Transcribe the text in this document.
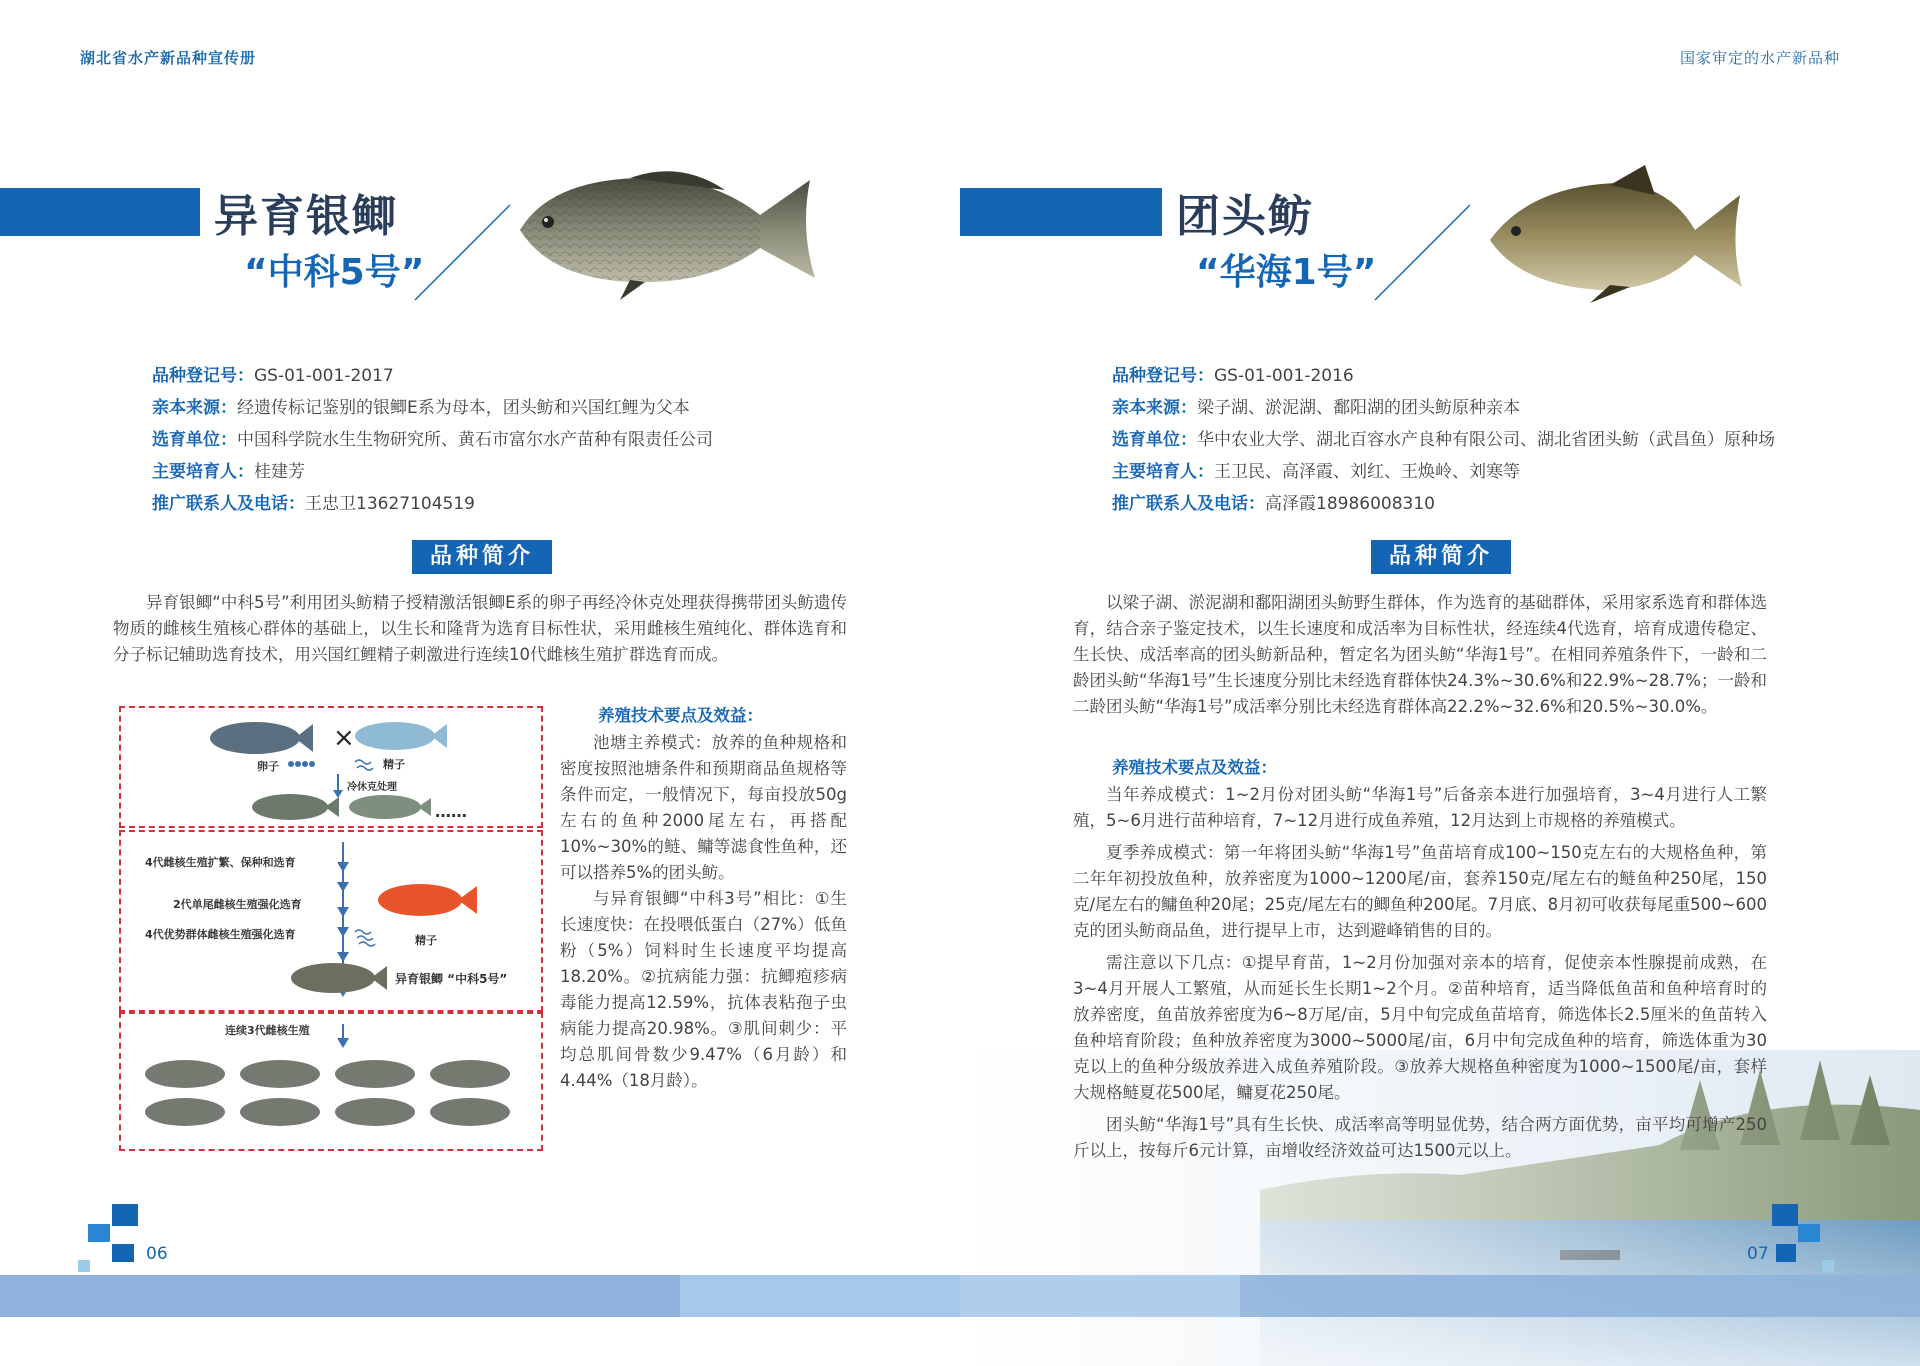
湖北省水产新品种宣传册
异育银鲫
“中科5号”
品种登记号：GS-01-001-2017
亲本来源：经遗传标记鉴别的银鲫E系为母本，团头鲂和兴国红鲤为父本
选育单位：中国科学院水生生物研究所、黄石市富尔水产苗种有限责任公司
主要培育人：桂建芳
推广联系人及电话：王忠卫13627104519
品种简介

异育银鲫“中科5号”利用团头鲂精子授精激活银鲫E系的卵子再经冷休克处理获得携带团头鲂遗传物质的雌核生殖核心群体的基础上，以生长和隆背为选育目标性状，采用雌核生殖纯化、群体选育和分子标记辅助选育技术，用兴国红鲤精子刺激进行连续10代雌核生殖扩群选育而成。

×
卵子	精子
冷休克处理
……
4代雌核生殖扩繁、保种和选育
2代单尾雌核生殖强化选育
4代优势群体雌核生殖强化选育	精子
异育银鲫 “中科5号”
连续3代雌核生殖
养殖技术要点及效益：

池塘主养模式：放养的鱼种规格和密度按照池塘条件和预期商品鱼规格等条件而定，一般情况下，每亩投放50g左右的鱼种2000尾左右，再搭配10%~30%的鲢、鳙等滤食性鱼种，还可以搭养5%的团头鲂。

与异育银鲫“中科3号”相比：①生长速度快：在投喂低蛋白（27%）低鱼粉（5%）饲料时生长速度平均提高18.20%。②抗病能力强：抗鲫疱疹病毒能力提高12.59%，抗体表粘孢子虫病能力提高20.98%。③肌间刺少：平均总肌间骨数少9.47%（6月龄）和4.44%（18月龄）。

06
国家审定的水产新品种
团头鲂
“华海1号”
品种登记号：GS-01-001-2016
亲本来源：梁子湖、淤泥湖、鄱阳湖的团头鲂原种亲本
选育单位：华中农业大学、湖北百容水产良种有限公司、湖北省团头鲂（武昌鱼）原种场
主要培育人：王卫民、高泽霞、刘红、王焕岭、刘寒等
推广联系人及电话：高泽霞18986008310
品种简介

以梁子湖、淤泥湖和鄱阳湖团头鲂野生群体，作为选育的基础群体，采用家系选育和群体选育，结合亲子鉴定技术，以生长速度和成活率为目标性状，经连续4代选育，培育成遗传稳定、生长快、成活率高的团头鲂新品种，暂定名为团头鲂“华海1号”。在相同养殖条件下，一龄和二龄团头鲂“华海1号”生长速度分别比未经选育群体快24.3%~30.6%和22.9%~28.7%；一龄和二龄团头鲂“华海1号”成活率分别比未经选育群体高22.2%~32.6%和20.5%~30.0%。

养殖技术要点及效益：

当年养成模式：1~2月份对团头鲂“华海1号”后备亲本进行加强培育，3~4月进行人工繁殖，5~6月进行苗种培育，7~12月进行成鱼养殖，12月达到上市规格的养殖模式。

夏季养成模式：第一年将团头鲂“华海1号”鱼苗培育成100~150克左右的大规格鱼种，第二年年初投放鱼种，放养密度为1000~1200尾/亩，套养150克/尾左右的鲢鱼种250尾，150克/尾左右的鳙鱼种20尾；25克/尾左右的鲫鱼种200尾。7月底、8月初可收获每尾重500~600克的团头鲂商品鱼，进行提早上市，达到避峰销售的目的。

需注意以下几点：①提早育苗，1~2月份加强对亲本的培育，促使亲本性腺提前成熟，在3~4月开展人工繁殖，从而延长生长期1~2个月。②苗种培育，适当降低鱼苗和鱼种培育时的放养密度，鱼苗放养密度为6~8万尾/亩，5月中旬完成鱼苗培育，筛选体长2.5厘米的鱼苗转入鱼种培育阶段；鱼种放养密度为3000~5000尾/亩，6月中旬完成鱼种的培育，筛选体重为30克以上的鱼种分级放养进入成鱼养殖阶段。③放养大规格鱼种密度为1000~1500尾/亩，套样大规格鲢夏花500尾，鳙夏花250尾。

团头鲂“华海1号”具有生长快、成活率高等明显优势，结合两方面优势，亩平均可增产250斤以上，按每斤6元计算，亩增收经济效益可达1500元以上。

07
